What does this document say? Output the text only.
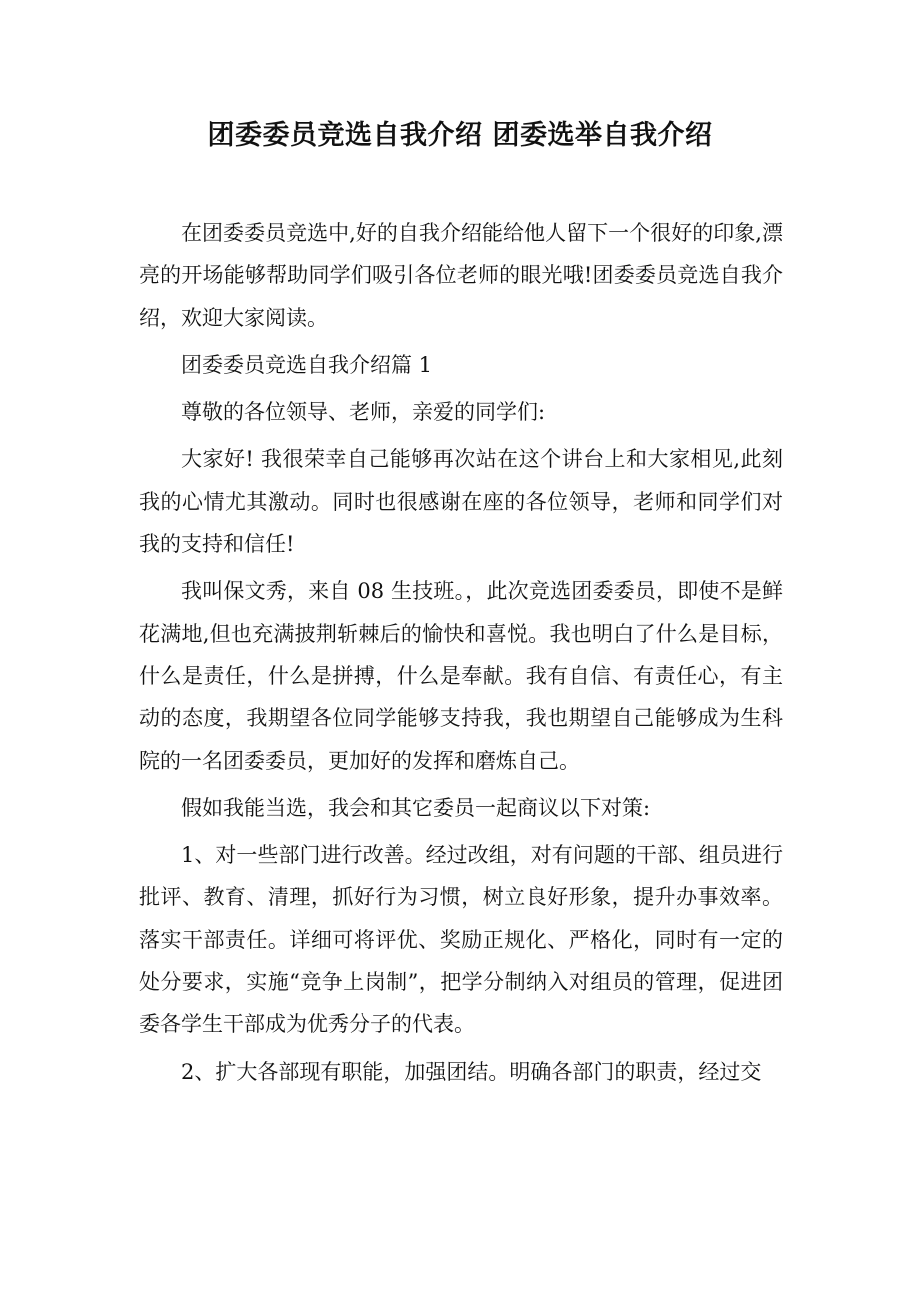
团委委员竞选自我介绍 团委选举自我介绍

在团委委员竞选中,好的自我介绍能给他人留下一个很好的印象,漂亮的开场能够帮助同学们吸引各位老师的眼光哦!团委委员竞选自我介绍，欢迎大家阅读。

团委委员竞选自我介绍篇 1

尊敬的各位领导、老师，亲爱的同学们:

大家好! 我很荣幸自己能够再次站在这个讲台上和大家相见,此刻我的心情尤其激动。同时也很感谢在座的各位领导，老师和同学们对我的支持和信任!

我叫保文秀，来自 08 生技班。，此次竞选团委委员，即使不是鲜花满地,但也充满披荆斩棘后的愉快和喜悦。我也明白了什么是目标，什么是责任，什么是拼搏，什么是奉献。我有自信、有责任心，有主动的态度，我期望各位同学能够支持我，我也期望自己能够成为生科院的一名团委委员，更加好的发挥和磨炼自己。

假如我能当选，我会和其它委员一起商议以下对策:

1、对一些部门进行改善。经过改组，对有问题的干部、组员进行批评、教育、清理，抓好行为习惯，树立良好形象，提升办事效率。落实干部责任。详细可将评优、奖励正规化、严格化，同时有一定的处分要求，实施“竞争上岗制”，把学分制纳入对组员的管理，促进团委各学生干部成为优秀分子的代表。

2、扩大各部现有职能，加强团结。明确各部门的职责，经过交
